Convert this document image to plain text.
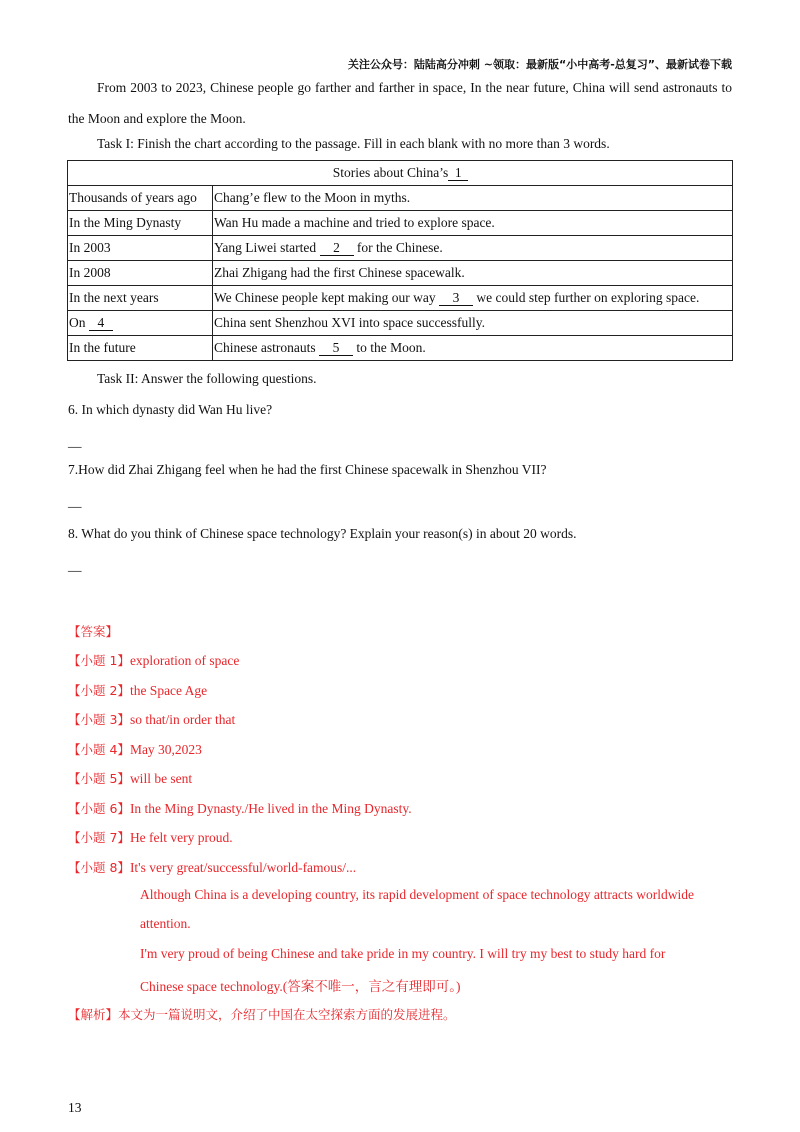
关注公众号：陆陆高分冲刺 ~领取：最新版“小中高考-总复习”、最新试卷下载
From 2003 to 2023, Chinese people go farther and farther in space, In the near future, China will send astronauts to the Moon and explore the Moon.
Task I: Finish the chart according to the passage. Fill in each blank with no more than 3 words.
Stories about China’s 1	
Thousands of years ago	Chang’e flew to the Moon in myths.
In the Ming Dynasty	Wan Hu made a machine and tried to explore space.
In 2003	Yang Liwei started 2 for the Chinese.
In 2008	Zhai Zhigang had the first Chinese spacewalk.
In the next years	We Chinese people kept making our way 3 we could step further on exploring space.
On 4	China sent Shenzhou XVI into space successfully.
In the future	Chinese astronauts 5 to the Moon.
Task II: Answer the following questions.
6. In which dynasty did Wan Hu live?
__
7.How did Zhai Zhigang feel when he had the first Chinese spacewalk in Shenzhou VII?
__
8. What do you think of Chinese space technology? Explain your reason(s) in about 20 words.
__
【答案】
【小题 1】exploration of space
【小题 2】the Space Age
【小题 3】so that/in order that
【小题 4】May 30,2023
【小题 5】will be sent
【小题 6】In the Ming Dynasty./He lived in the Ming Dynasty.
【小题 7】He felt very proud.
【小题 8】It's very great/successful/world-famous/...
Although China is a developing country, its rapid development of space technology attracts worldwide
attention.
I'm very proud of being Chinese and take pride in my country. I will try my best to study hard for
Chinese space technology.(答案不唯一，言之有理即可。)
【解析】本文为一篇说明文，介绍了中国在太空探索方面的发展进程。
13
